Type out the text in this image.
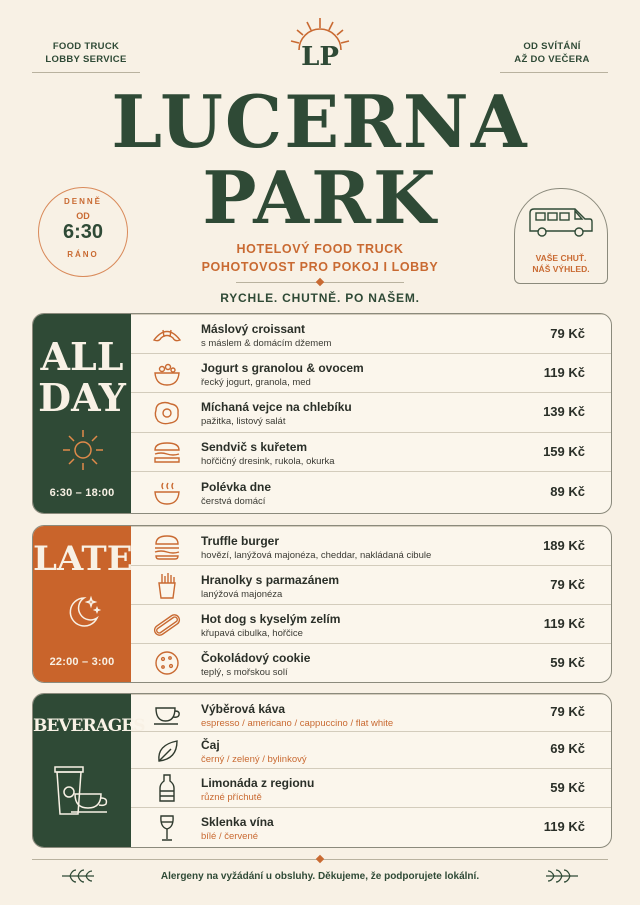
FOOD TRUCK
LOBBY SERVICE
OD SVÍTÁNÍ
AŽ DO VEČERA
LP
LUCERNA
PARK
HOTELOVÝ FOOD TRUCK
POHOTOVOST PRO POKOJ I LOBBY
RYCHLE. CHUTNĚ. PO NAŠEM.
DENNĚ
OD
6:30
RÁNO	VAŠE CHUŤ.
NÁŠ VÝHLED.
ALL
DAY
6:30 – 18:00
Máslový croissant
s máslem & domácím džemem
79 Kč
Jogurt s granolou & ovocem
řecký jogurt, granola, med
119 Kč
Míchaná vejce na chlebíku
pažitka, listový salát
139 Kč
Sendvič s kuřetem
hořčičný dresink, rukola, okurka
159 Kč
Polévka dne
čerstvá domácí
89 Kč
LATE
22:00 – 3:00
Truffle burger
hovězí, lanýžová majonéza, cheddar, nakládaná cibule
189 Kč
Hranolky s parmazánem
lanýžová majonéza
79 Kč
Hot dog s kyselým zelím
křupavá cibulka, hořčice
119 Kč
Čokoládový cookie
teplý, s mořskou solí
59 Kč
BEVERAGES
Výběrová káva
espresso / americano / cappuccino / flat white
79 Kč
Čaj
černý / zelený / bylinkový
69 Kč
Limonáda z regionu
různé příchutě
59 Kč
Sklenka vína
bílé / červené
119 Kč
Alergeny na vyžádání u obsluhy. Děkujeme, že podporujete lokální.
